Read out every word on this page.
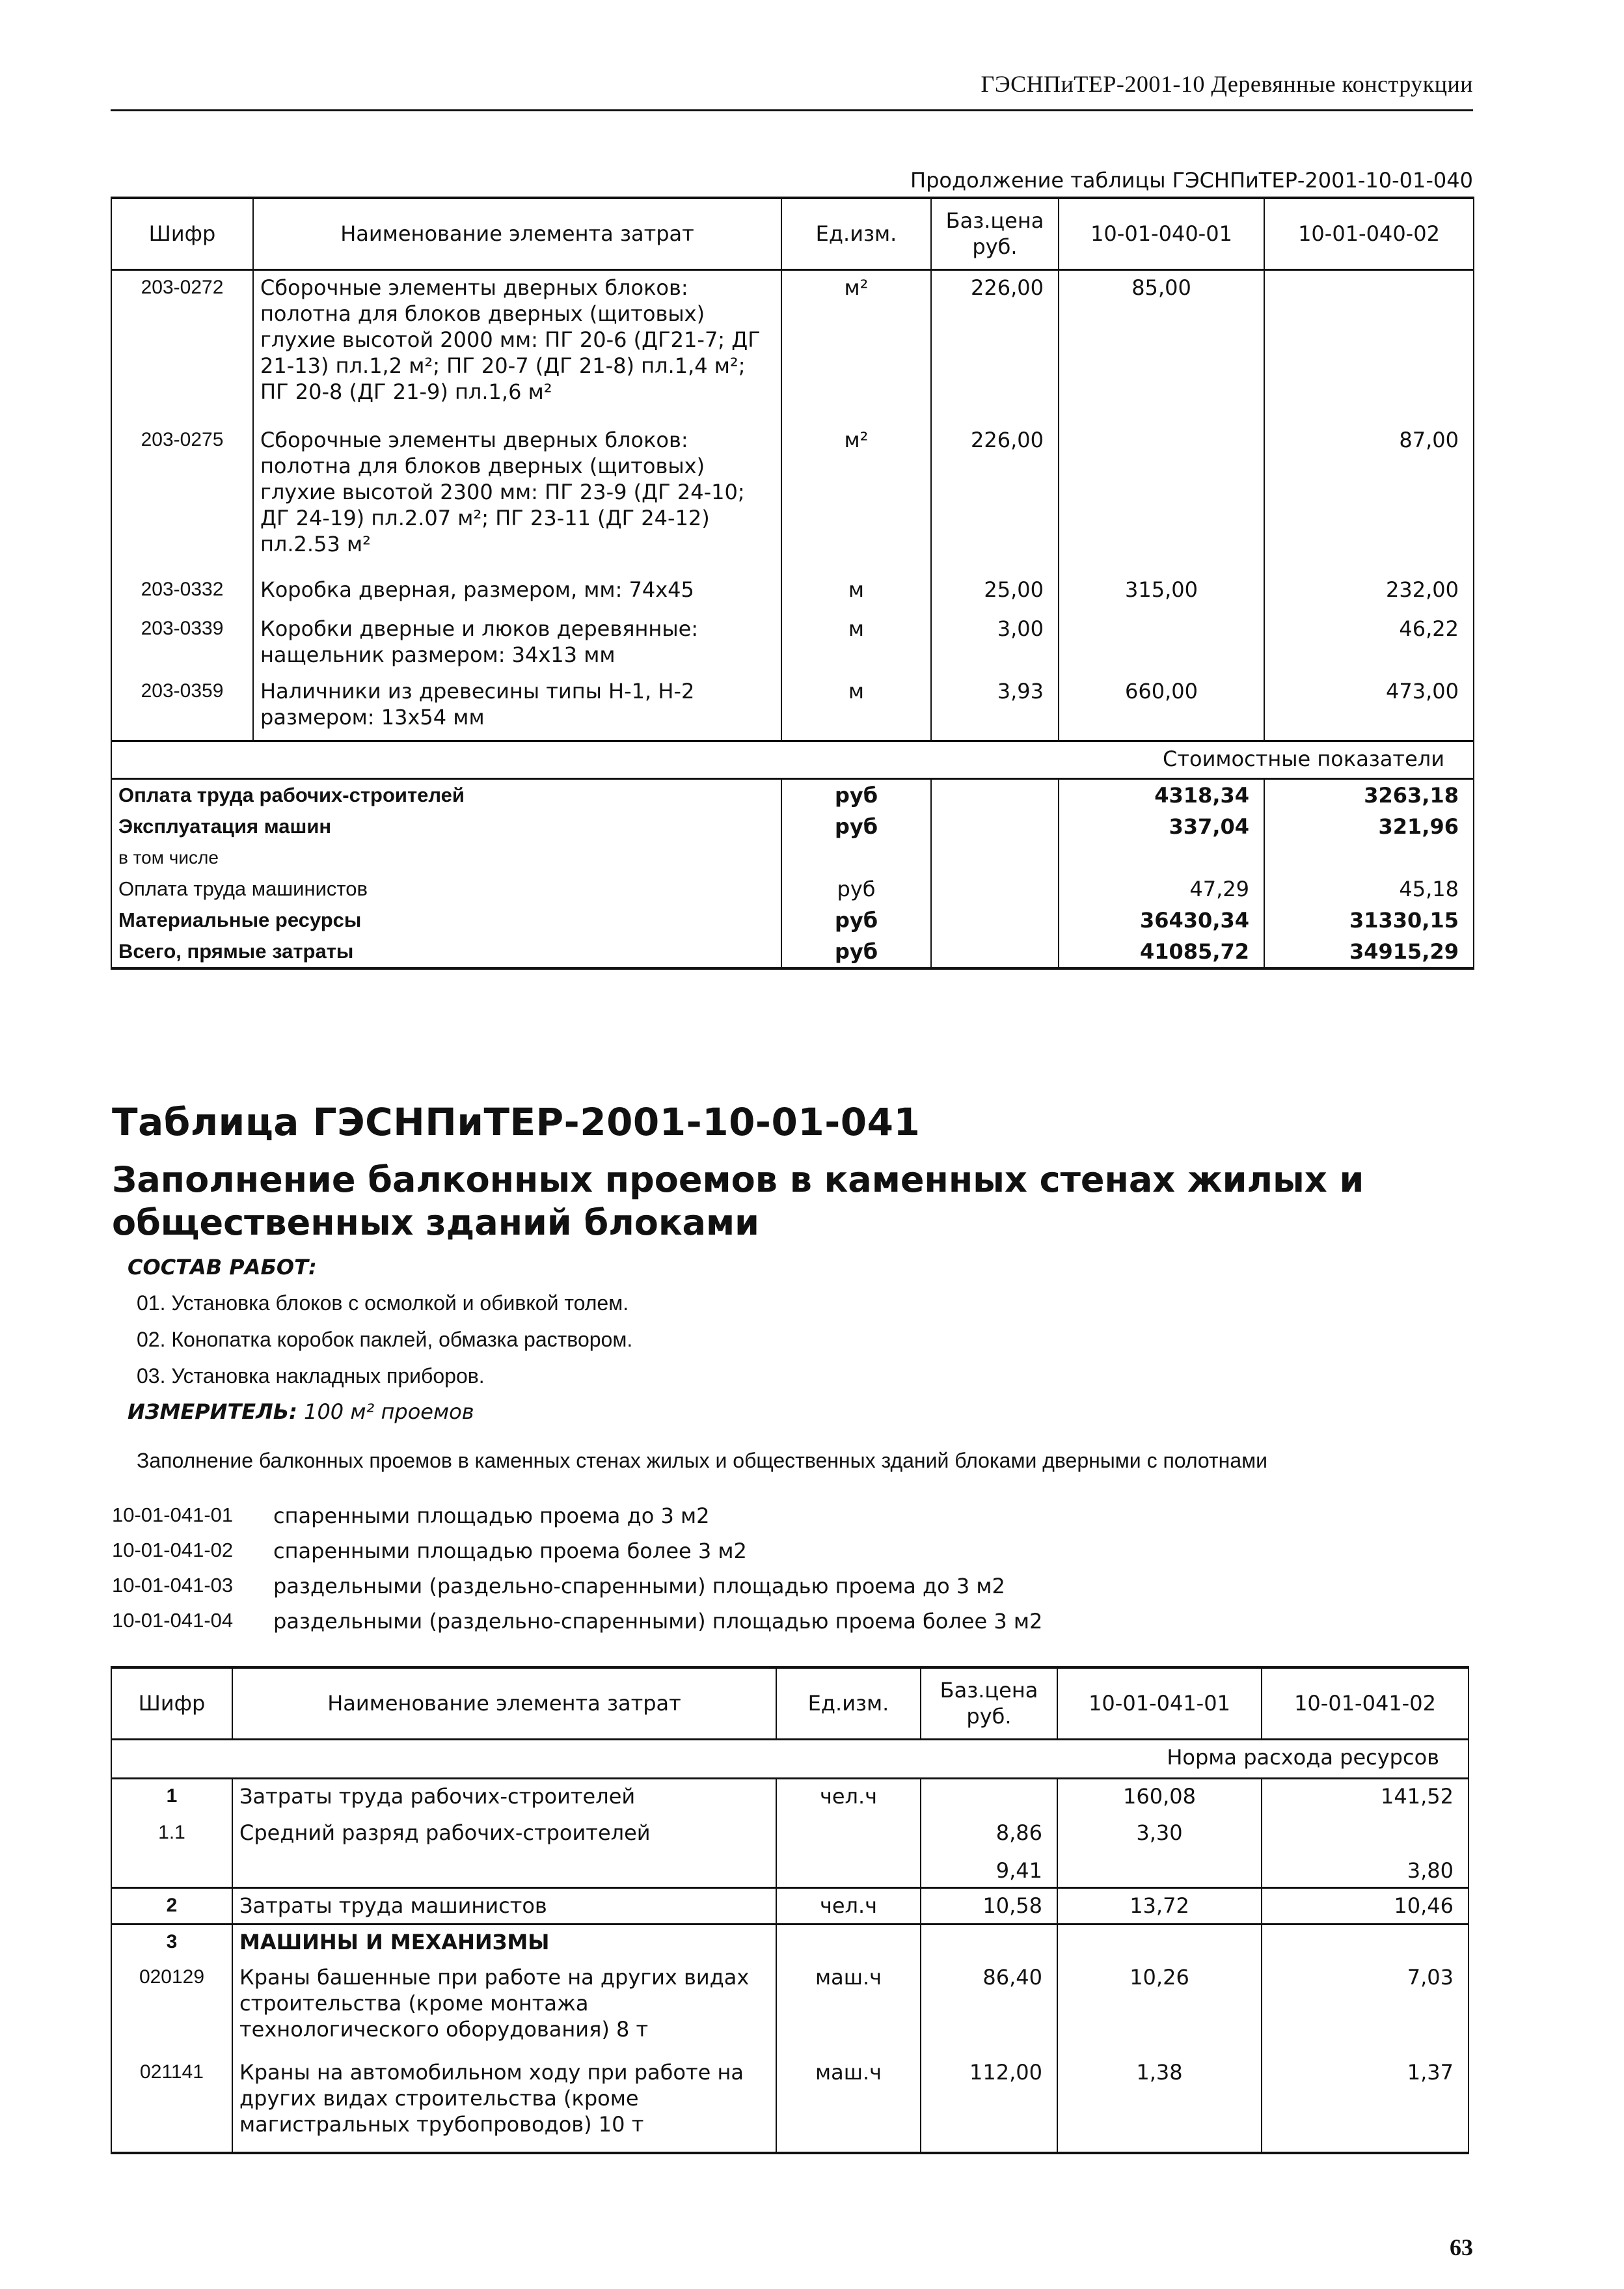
ГЭСНПиТЕР-2001-10 Деревянные конструкции
Продолжение таблицы ГЭСНПиТЕР-2001-10-01-040
Шифр	Наименование элемента затрат	Ед.изм.	Баз.цена руб.	10-01-040-01	10-01-040-02
203-0272	Сборочные элементы дверных блоков: полотна для блоков дверных (щитовых) глухие высотой 2000 мм: ПГ 20-6 (ДГ21-7; ДГ 21-13) пл.1,2 м²; ПГ 20-7 (ДГ 21-8) пл.1,4 м²; ПГ 20-8 (ДГ 21-9) пл.1,6 м²	м²	226,00	85,00	
203-0275	Сборочные элементы дверных блоков: полотна для блоков дверных (щитовых) глухие высотой 2300 мм: ПГ 23-9 (ДГ 24-10; ДГ 24-19) пл.2.07 м²; ПГ 23-11 (ДГ 24-12) пл.2.53 м²	м²	226,00		87,00
203-0332	Коробка дверная, размером, мм: 74х45	м	25,00	315,00	232,00
203-0339	Коробки дверные и люков деревянные: нащельник размером: 34х13 мм	м	3,00		46,22
203-0359	Наличники из древесины типы Н-1, Н-2 размером: 13х54 мм	м	3,93	660,00	473,00
Стоимостные показатели					
Оплата труда рабочих-строителей		руб		4318,34	3263,18
Эксплуатация машин		руб		337,04	321,96
в том числе					
Оплата труда машинистов		руб		47,29	45,18
Материальные ресурсы		руб		36430,34	31330,15
Всего, прямые затраты		руб		41085,72	34915,29
Таблица ГЭСНПиТЕР-2001-10-01-041
Заполнение балконных проемов в каменных стенах жилых и общественных зданий блоками
СОСТАВ РАБОТ:
01. Установка блоков с осмолкой и обивкой толем.
02. Конопатка коробок паклей, обмазка раствором.
03. Установка накладных приборов.
ИЗМЕРИТЕЛЬ: 100 м² проемов
Заполнение балконных проемов в каменных стенах жилых и общественных зданий блоками дверными с полотнами
10-01-041-01 спаренными площадью проема до 3 м2
10-01-041-02 спаренными площадью проема более 3 м2
10-01-041-03 раздельными (раздельно-спаренными) площадью проема до 3 м2
10-01-041-04 раздельными (раздельно-спаренными) площадью проема более 3 м2
Шифр	Наименование элемента затрат	Ед.изм.	Баз.цена руб.	10-01-041-01	10-01-041-02
Норма расхода ресурсов					
1	Затраты труда рабочих-строителей	чел.ч		160,08	141,52
1.1	Средний разряд рабочих-строителей		8,86	3,30	
			9,41		3,80
2	Затраты труда машинистов	чел.ч	10,58	13,72	10,46
3	МАШИНЫ И МЕХАНИЗМЫ				
020129	Краны башенные при работе на других видах строительства (кроме монтажа технологического оборудования) 8 т	маш.ч	86,40	10,26	7,03
021141	Краны на автомобильном ходу при работе на других видах строительства (кроме магистральных трубопроводов) 10 т	маш.ч	112,00	1,38	1,37
63
